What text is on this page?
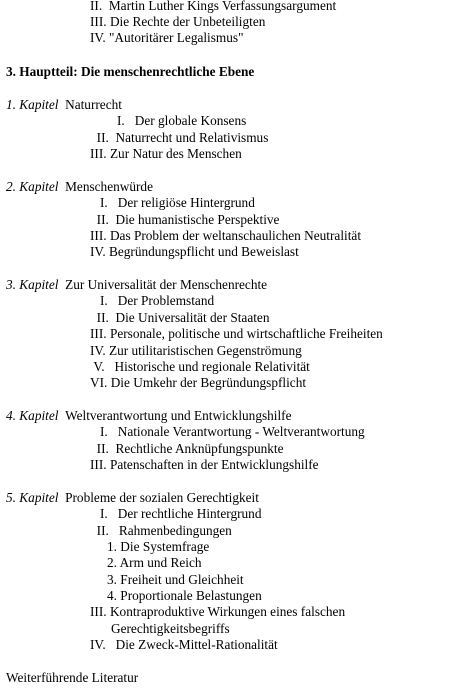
II. Martin Luther Kings Verfassungsargument
III. Die Rechte der Unbeteiligten
IV. "Autoritärer Legalismus"
3. Hauptteil: Die menschenrechtliche Ebene
1. Kapitel Naturrecht
I. Der globale Konsens
II. Naturrecht und Relativismus
III. Zur Natur des Menschen
2. Kapitel Menschenwürde
I. Der religiöse Hintergrund
II. Die humanistische Perspektive
III. Das Problem der weltanschaulichen Neutralität
IV. Begründungspflicht und Beweislast
3. Kapitel Zur Universalität der Menschenrechte
I. Der Problemstand
II. Die Universalität der Staaten
III. Personale, politische und wirtschaftliche Freiheiten
IV. Zur utilitaristischen Gegenströmung
V. Historische und regionale Relativität
VI. Die Umkehr der Begründungspflicht
4. Kapitel Weltverantwortung und Entwicklungshilfe
I. Nationale Verantwortung - Weltverantwortung
II. Rechtliche Anknüpfungspunkte
III. Patenschaften in der Entwicklungshilfe
5. Kapitel Probleme der sozialen Gerechtigkeit
I. Der rechtliche Hintergrund
II. Rahmenbedingungen
1. Die Systemfrage
2. Arm und Reich
3. Freiheit und Gleichheit
4. Proportionale Belastungen
III. Kontraproduktive Wirkungen eines falschen
Gerechtigkeitsbegriffs
IV. Die Zweck-Mittel-Rationalität
Weiterführende Literatur
